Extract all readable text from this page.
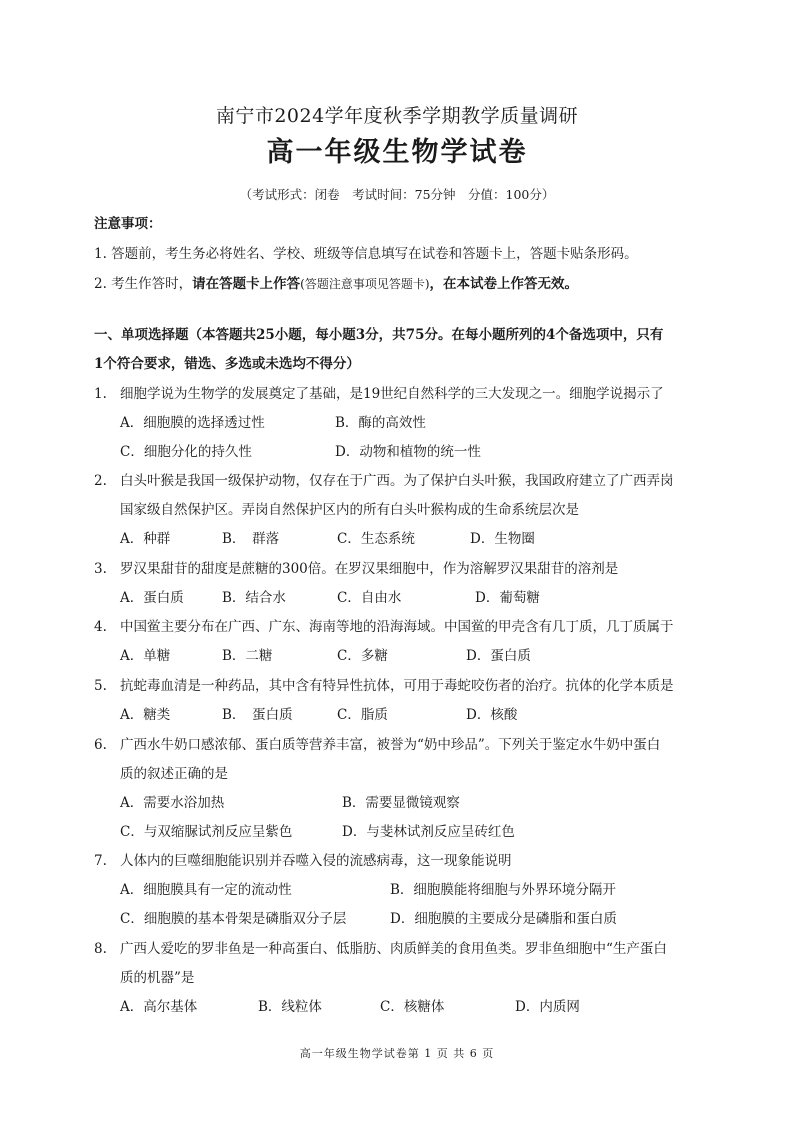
南宁市2024学年度秋季学期教学质量调研
高一年级生物学试卷
（考试形式：闭卷　考试时间：75分钟　分值：100分）
注意事项：
1. 答题前，考生务必将姓名、学校、班级等信息填写在试卷和答题卡上，答题卡贴条形码。
2. 考生作答时，请在答题卡上作答(答题注意事项见答题卡)，在本试卷上作答无效。
一、单项选择题（本答题共25小题，每小题3分，共75分。在每小题所列的4个备选项中，只有
1个符合要求，错选、多选或未选均不得分）
1. 细胞学说为生物学的发展奠定了基础，是19世纪自然科学的三大发现之一。细胞学说揭示了
A．细胞膜的选择透过性	B．酶的高效性
C．细胞分化的持久性	D．动物和植物的统一性
2. 白头叶猴是我国一级保护动物，仅存在于广西。为了保护白头叶猴，我国政府建立了广西弄岗
国家级自然保护区。弄岗自然保护区内的所有白头叶猴构成的生命系统层次是
A．种群	B．　群落	C．生态系统	D．生物圈
3. 罗汉果甜苷的甜度是蔗糖的300倍。在罗汉果细胞中，作为溶解罗汉果甜苷的溶剂是
A．蛋白质	B．结合水	C．自由水	D．葡萄糖
4. 中国鲎主要分布在广西、广东、海南等地的沿海海域。中国鲎的甲壳含有几丁质，几丁质属于
A．单糖	B．二糖	C．多糖	D．蛋白质
5. 抗蛇毒血清是一种药品，其中含有特异性抗体，可用于毒蛇咬伤者的治疗。抗体的化学本质是
A．糖类	B．　蛋白质	C．脂质	D．核酸
6. 广西水牛奶口感浓郁、蛋白质等营养丰富，被誉为“奶中珍品”。下列关于鉴定水牛奶中蛋白
质的叙述正确的是
A．需要水浴加热	B．需要显微镜观察
C．与双缩脲试剂反应呈紫色	D．与斐林试剂反应呈砖红色
7. 人体内的巨噬细胞能识别并吞噬入侵的流感病毒，这一现象能说明
A．细胞膜具有一定的流动性	B．细胞膜能将细胞与外界环境分隔开
C．细胞膜的基本骨架是磷脂双分子层	D．细胞膜的主要成分是磷脂和蛋白质
8. 广西人爱吃的罗非鱼是一种高蛋白、低脂肪、肉质鲜美的食用鱼类。罗非鱼细胞中“生产蛋白
质的机器”是
A．高尔基体	B．线粒体	C．核糖体	D．内质网
高一年级生物学试卷第 1 页 共 6 页
